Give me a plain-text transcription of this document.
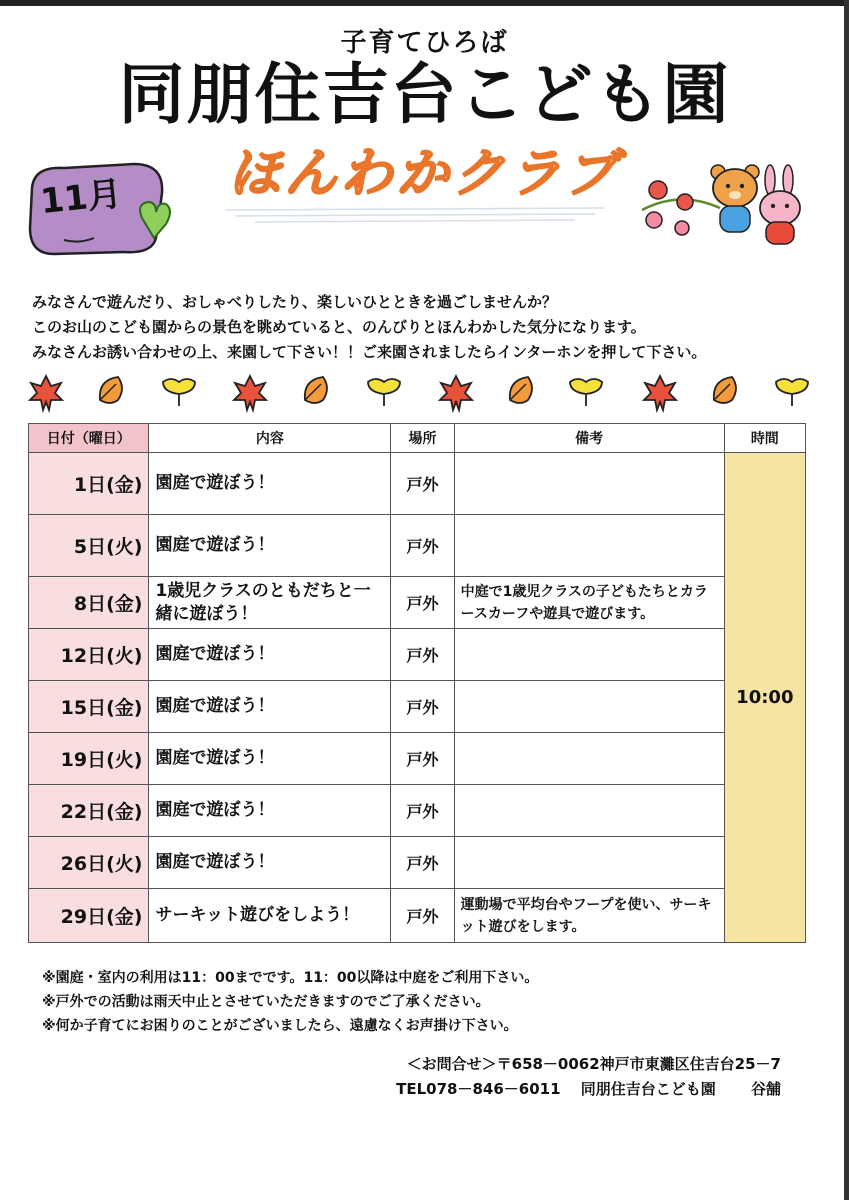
子育てひろば
同朋住吉台こども園
ほんわかクラブ
11月
みなさんで遊んだり、おしゃべりしたり、楽しいひとときを過ごしませんか？
このお山のこども園からの景色を眺めていると、のんびりとほんわかした気分になります。
みなさんお誘い合わせの上、来園して下さい！！ご来園されましたらインターホンを押して下さい。
日付（曜日）	内容	場所	備考	時間
1日(金)	園庭で遊ぼう！	戸外		10:00
5日(火)	園庭で遊ぼう！	戸外		
8日(金)	1歳児クラスのともだちと一緒に遊ぼう！	戸外	中庭で1歳児クラスの子どもたちとカラースカーフや遊具で遊びます。	
12日(火)	園庭で遊ぼう！	戸外		
15日(金)	園庭で遊ぼう！	戸外		
19日(火)	園庭で遊ぼう！	戸外		
22日(金)	園庭で遊ぼう！	戸外		
26日(火)	園庭で遊ぼう！	戸外		
29日(金)	サーキット遊びをしよう！	戸外	運動場で平均台やフープを使い、サーキット遊びをします。	
※園庭・室内の利用は11：00までです。11：00以降は中庭をご利用下さい。
※戸外での活動は雨天中止とさせていただきますのでご了承ください。
※何か子育てにお困りのことがございましたら、遠慮なくお声掛け下さい。
＜お問合せ＞〒658－0062神戸市東灘区住吉台25－7
TEL078－846－6011　 同朋住吉台こども園　　 谷舗
